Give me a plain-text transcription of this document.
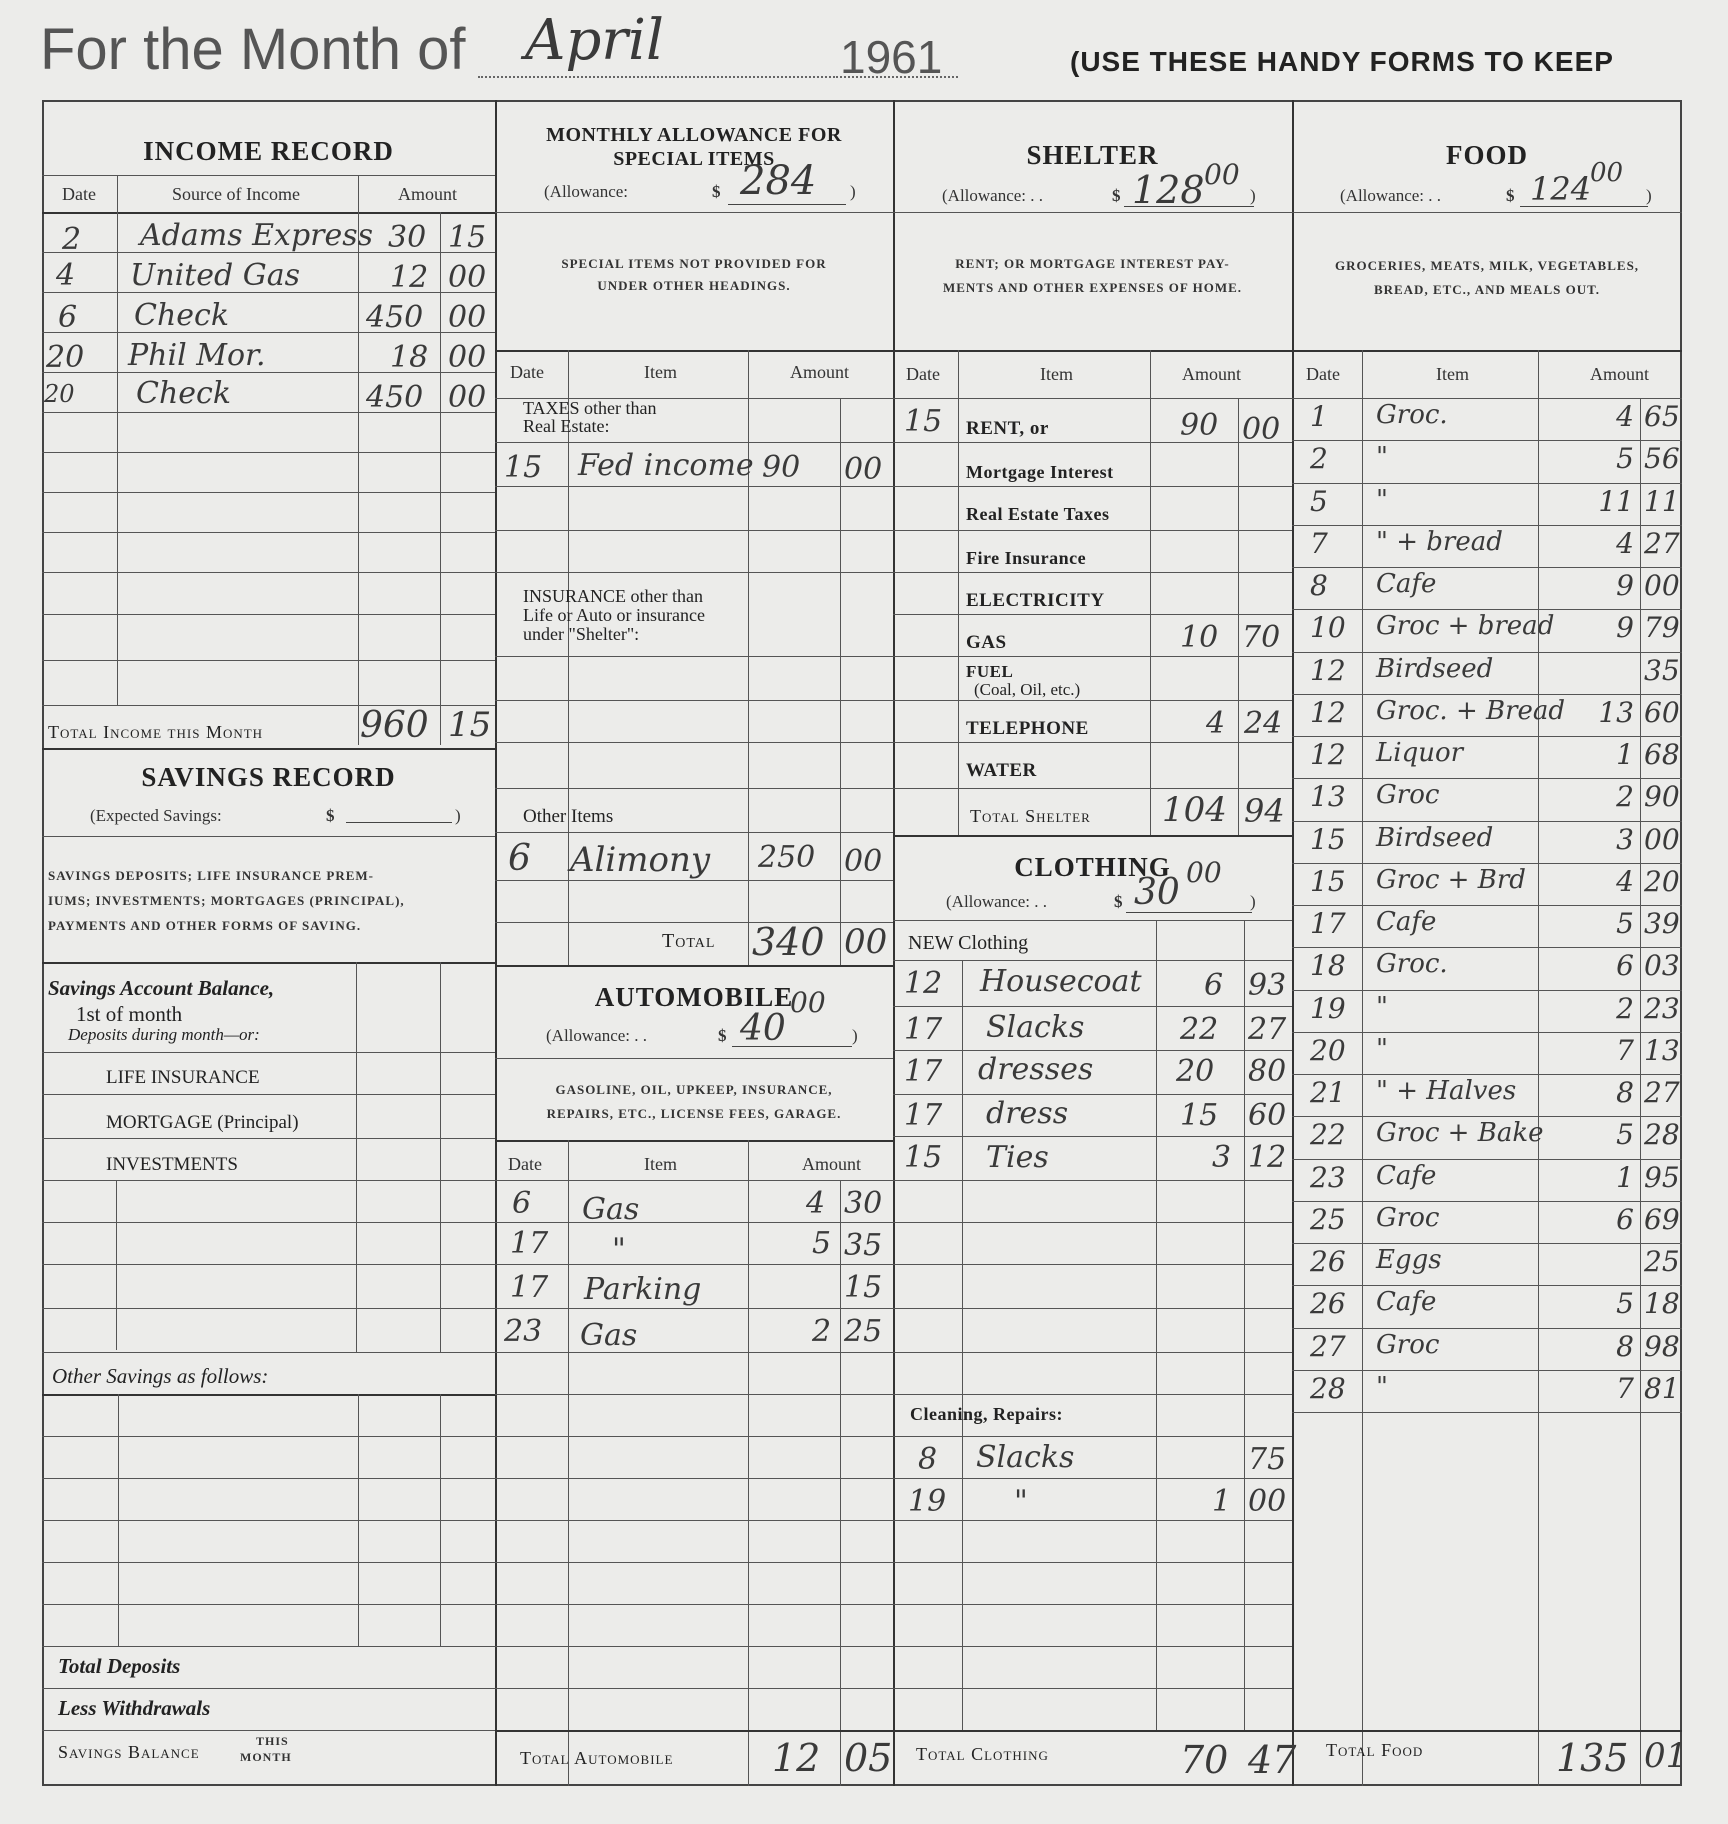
For the Month of April	1961	(USE THESE HANDY FORMS TO KEEP
INCOME RECORD
Date	Source of Income	Amount
2 Adams Express 30 15
4 United Gas	12 00
6 Check	450 00
20 Phil Mor.	18 00
20 Check	450 00
Total Income this Month	960 15
SAVINGS RECORD
(Expected Savings:	$	)
SAVINGS DEPOSITS; LIFE INSURANCE PREM-
IUMS; INVESTMENTS; MORTGAGES (PRINCIPAL),
PAYMENTS AND OTHER FORMS OF SAVING.
Savings Account Balance,
1st of month
Deposits during month—or:
LIFE INSURANCE
MORTGAGE (Principal)
INVESTMENTS
Other Savings as follows:
Total Deposits
Less Withdrawals
Savings Balance
THIS
MONTH
MONTHLY ALLOWANCE FOR
SPECIAL ITEMS
(Allowance:	$ 284 )
SPECIAL ITEMS NOT PROVIDED FOR
UNDER OTHER HEADINGS.
Date	Item	Amount
TAXES other than
Real Estate:
15 Fed income 90 00
INSURANCE other than
Life or Auto or insurance
under "Shelter":
Other Items
6 Alimony 250 00
Total 340 00
AUTOMOBILE
00
(Allowance: . .	$ 40	)
GASOLINE, OIL, UPKEEP, INSURANCE,
REPAIRS, ETC., LICENSE FEES, GARAGE.
Date	Item	Amount
6 Gas	4 30
17 "	5 35
17 Parking	15
23 Gas	2 25
Total Automobile	12 05
SHELTER
(Allowance: . .	$ 128 00
)
RENT; OR MORTGAGE INTEREST PAY-
MENTS AND OTHER EXPENSES OF HOME.
Date	Item	Amount
15 RENT, or	90 00
Mortgage Interest
Real Estate Taxes
Fire Insurance
ELECTRICITY
GAS	10 70
FUEL
(Coal, Oil, etc.)
TELEPHONE	4 24
WATER
Total Shelter 104 94
CLOTHING 00
(Allowance: . .	$ 30	)
NEW Clothing
12 Housecoat 6 93
17 Slacks	22 27
17 dresses	20 80
17 dress	15 60
15 Ties	3 12
Cleaning, Repairs:
8 Slacks	75
19 "	1 00
Total Clothing	70 47
FOOD
(Allowance: . .	$ 124
00
)
GROCERIES, MEATS, MILK, VEGETABLES,
BREAD, ETC., AND MEALS OUT.
Date	Item	Amount
1 Groc.	4 65
2 "	5 56
5 "	11 11
7 " + bread	4 27
8 Cafe	9 00
10 Groc + bread	9 79
12 Birdseed	35
12 Groc. + Bread	13 60
12 Liquor	1 68
13 Groc	2 90
15 Birdseed	3 00
15 Groc + Brd	4 20
17 Cafe	5 39
18 Groc.	6 03
19 "	2 23
20 "	7 13
21 " + Halves	8 27
22 Groc + Bake	5 28
23 Cafe	1 95
25 Groc	6 69
26 Eggs	25
26 Cafe	5 18
27 Groc	8 98
28 "	7 81
Total Food	135 01
